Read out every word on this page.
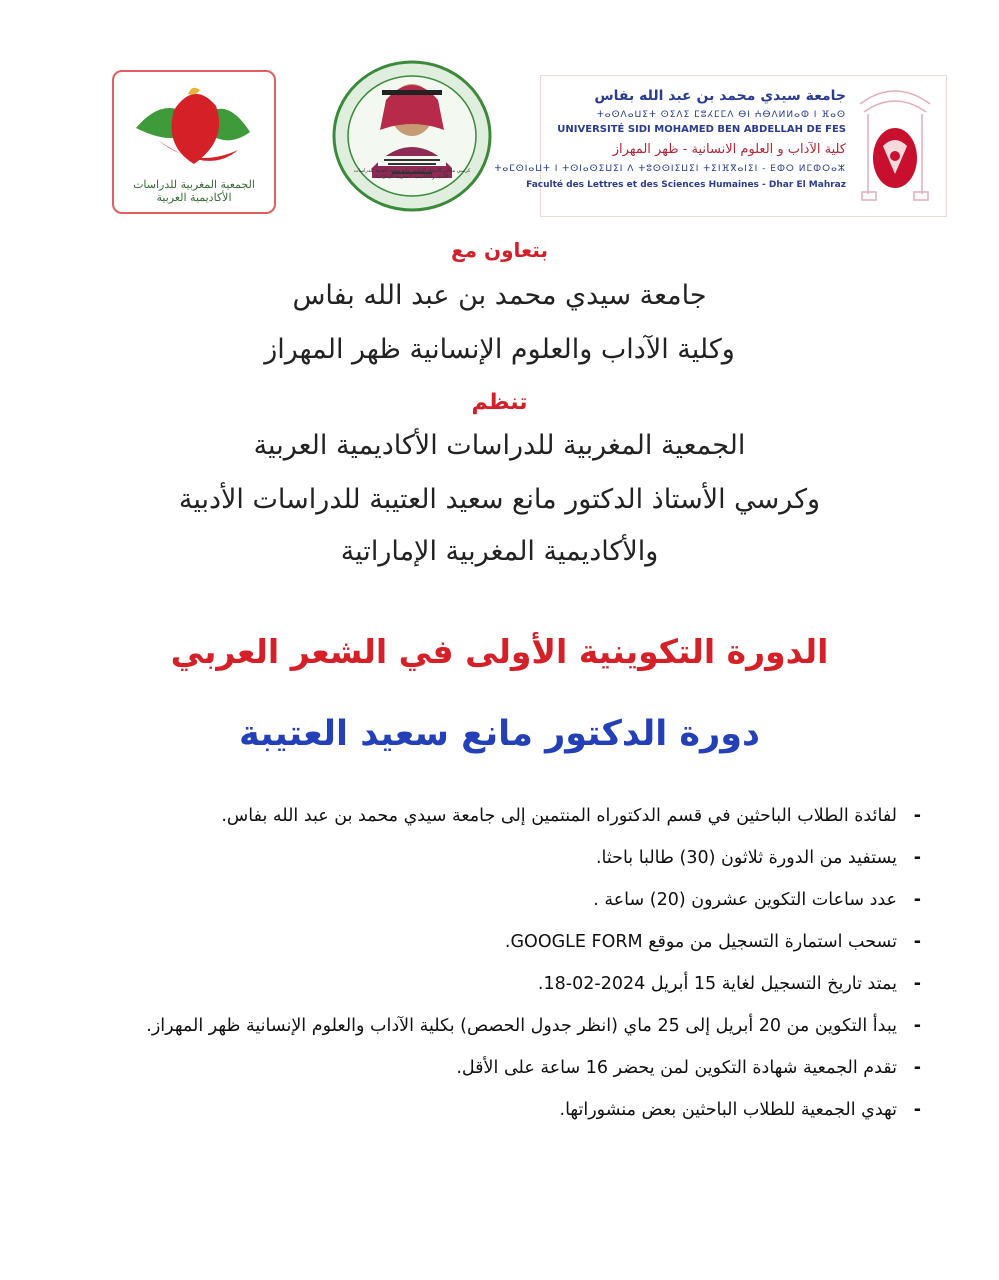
الجمعية المغربية للدراسات الأكاديمية العربية
كرسي معالي الأستاذ الدكتور مانع سعيد العتيبة للدراسات الأدبية والأكاديمية المغربية الإماراتية
جامعة سيدي محمد بن عبد الله بفاس
ⵜⴰⵙⴷⴰⵡⵉⵜ ⵙⵉⴷⵉ ⵎⵓⵃⵎⵎⴷ ⴱⵏ ⵄⴱⴷⵍⵍⴰⵀ ⵏ ⴼⴰⵙ
UNIVERSITÉ SIDI MOHAMED BEN ABDELLAH DE FES
كلية الآداب و العلوم الانسانية - ظهر المهراز
ⵜⴰⵎⵙⵏⴰⵡⵜ ⵏ ⵜⵙⵏⴰⵙⵉⵡⵉⵏ ⴷ ⵜⵓⵙⵙⵏⵉⵡⵉⵏ ⵜⵉⵏⴼⴳⴰⵏⵉⵏ - ⴹⵀⵔ ⵍⵎⵀⵔⴰⵣ
Faculté des Lettres et des Sciences Humaines - Dhar El Mahraz
بتعاون مع
جامعة سيدي محمد بن عبد الله بفاس
وكلية الآداب والعلوم الإنسانية ظهر المهراز
تنظم
الجمعية المغربية للدراسات الأكاديمية العربية
وكرسي الأستاذ الدكتور مانع سعيد العتيبة للدراسات الأدبية
والأكاديمية المغربية الإماراتية
الدورة التكوينية الأولى في الشعر العربي
دورة الدكتور مانع سعيد العتيبة
- لفائدة الطلاب الباحثين في قسم الدكتوراه المنتمين إلى جامعة سيدي محمد بن عبد الله بفاس.
- يستفيد من الدورة ثلاثون (30) طالبا باحثا.
- عدد ساعات التكوين عشرون (20) ساعة .
- تسحب استمارة التسجيل من موقع GOOGLE FORM.
- يمتد تاريخ التسجيل لغاية 15 أبريل 2024-02-18.
- يبدأ التكوين من 20 أبريل إلى 25 ماي (انظر جدول الحصص) بكلية الآداب والعلوم الإنسانية ظهر المهراز.
- تقدم الجمعية شهادة التكوين لمن يحضر 16 ساعة على الأقل.
- تهدي الجمعية للطلاب الباحثين بعض منشوراتها.
